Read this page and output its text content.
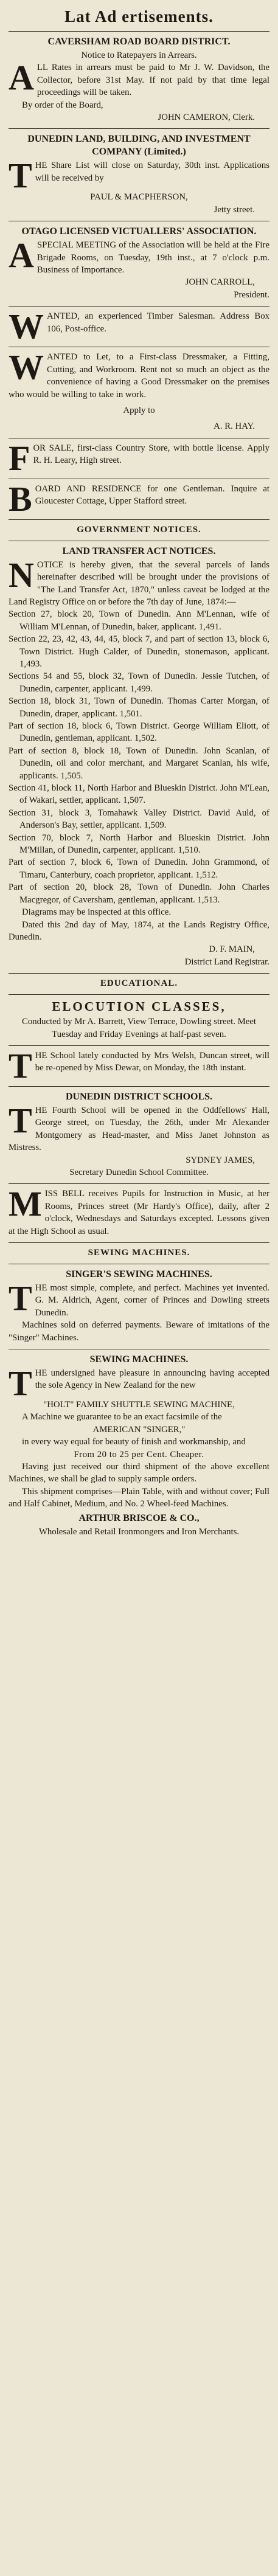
Lat Ad ertisements.
CAVERSHAM ROAD BOARD DISTRICT.

Notice to Ratepayers in Arrears.

ALL Rates in arrears must be paid to Mr J. W. Davidson, the Collector, before 31st May. If not paid by that time legal proceedings will be taken.

By order of the Board,

JOHN CAMERON, Clerk.

DUNEDIN LAND, BUILDING, AND INVESTMENT COMPANY (Limited.)

THE Share List will close on Saturday, 30th inst. Applications will be received by

PAUL & MACPHERSON,

Jetty street.

OTAGO LICENSED VICTUALLERS' ASSOCIATION.

ASPECIAL MEETING of the Association will be held at the Fire Brigade Rooms, on Tuesday, 19th inst., at 7 o'clock p.m. Business of Importance.

JOHN CARROLL,

President.

WANTED, an experienced Timber Salesman. Address Box 106, Post-office.

WANTED to Let, to a First-class Dressmaker, a Fitting, Cutting, and Workroom. Rent not so much an object as the convenience of having a Good Dressmaker on the premises who would be willing to take in work.

Apply to

A. R. HAY.

FOR SALE, first-class Country Store, with bottle license. Apply R. H. Leary, High street.

BOARD AND RESIDENCE for one Gentleman. Inquire at Gloucester Cottage, Upper Stafford street.

GOVERNMENT NOTICES.
LAND TRANSFER ACT NOTICES.

NOTICE is hereby given, that the several parcels of lands hereinafter described will be brought under the provisions of "The Land Transfer Act, 1870," unless caveat be lodged at the Land Registry Office on or before the 7th day of June, 1874:—

Section 27, block 20, Town of Dunedin. Ann M'Lennan, wife of William M'Lennan, of Dunedin, baker, applicant. 1,491.

Section 22, 23, 42, 43, 44, 45, block 7, and part of section 13, block 6, Town District. Hugh Calder, of Dunedin, stonemason, applicant. 1,493.

Sections 54 and 55, block 32, Town of Dunedin. Jessie Tutchen, of Dunedin, carpenter, applicant. 1,499.

Section 18, block 31, Town of Dunedin. Thomas Carter Morgan, of Dunedin, draper, applicant. 1,501.

Part of section 18, block 6, Town District. George William Eliott, of Dunedin, gentleman, applicant. 1,502.

Part of section 8, block 18, Town of Dunedin. John Scanlan, of Dunedin, oil and color merchant, and Margaret Scanlan, his wife, applicants. 1,505.

Section 41, block 11, North Harbor and Blueskin District. John M'Lean, of Wakari, settler, applicant. 1,507.

Section 31, block 3, Tomahawk Valley District. David Auld, of Anderson's Bay, settler, applicant. 1,509.

Section 70, block 7, North Harbor and Blueskin District. John M'Millan, of Dunedin, carpenter, applicant. 1,510.

Part of section 7, block 6, Town of Dunedin. John Grammond, of Timaru, Canterbury, coach proprietor, applicant. 1,512.

Part of section 20, block 28, Town of Dunedin. John Charles Macgregor, of Caversham, gentleman, applicant. 1,513.

Diagrams may be inspected at this office.

Dated this 2nd day of May, 1874, at the Lands Registry Office, Dunedin.

D. F. MAIN,

District Land Registrar.

EDUCATIONAL.
ELOCUTION CLASSES,

Conducted by Mr A. Barrett, View Terrace, Dowling street. Meet Tuesday and Friday Evenings at half-past seven.

THE School lately conducted by Mrs Welsh, Duncan street, will be re-opened by Miss Dewar, on Monday, the 18th instant.

DUNEDIN DISTRICT SCHOOLS.

THE Fourth School will be opened in the Oddfellows' Hall, George street, on Tuesday, the 26th, under Mr Alexander Montgomery as Head-master, and Miss Janet Johnston as Mistress.

SYDNEY JAMES,

Secretary Dunedin School Committee.

MISS BELL receives Pupils for Instruction in Music, at her Rooms, Princes street (Mr Hardy's Office), daily, after 2 o'clock, Wednesdays and Saturdays excepted. Lessons given at the High School as usual.

SEWING MACHINES.
SINGER'S SEWING MACHINES.

THE most simple, complete, and perfect. Machines yet invented. G. M. Aldrich, Agent, corner of Princes and Dowling streets Dunedin.

Machines sold on deferred payments. Beware of imitations of the "Singer" Machines.

SEWING MACHINES.

THE undersigned have pleasure in announcing having accepted the sole Agency in New Zealand for the new

"HOLT" FAMILY SHUTTLE SEWING MACHINE,

A Machine we guarantee to be an exact facsimile of the

AMERICAN "SINGER,"

in every way equal for beauty of finish and workmanship, and

From 20 to 25 per Cent. Cheaper.

Having just received our third shipment of the above excellent Machines, we shall be glad to supply sample orders.

This shipment comprises—Plain Table, with and without cover; Full and Half Cabinet, Medium, and No. 2 Wheel-feed Machines.

ARTHUR BRISCOE & CO.,

Wholesale and Retail Ironmongers and Iron Merchants.
